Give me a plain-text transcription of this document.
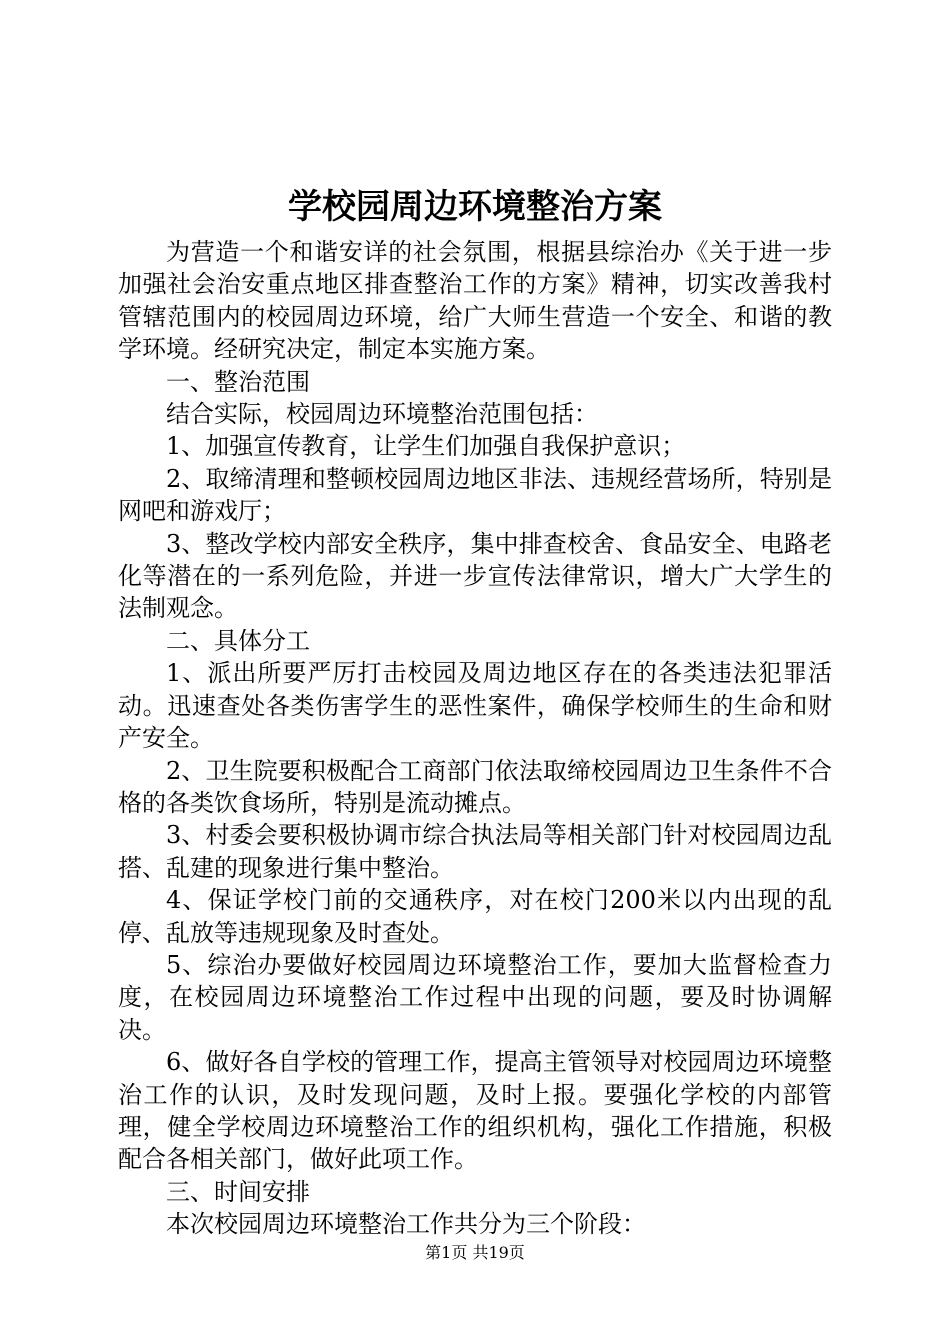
学校园周边环境整治方案

为营造一个和谐安详的社会氛围，根据县综治办《关于进一步加强社会治安重点地区排查整治工作的方案》精神，切实改善我村管辖范围内的校园周边环境，给广大师生营造一个安全、和谐的教学环境。经研究决定，制定本实施方案。

一、整治范围

结合实际，校园周边环境整治范围包括：

1、加强宣传教育，让学生们加强自我保护意识；

2、取缔清理和整顿校园周边地区非法、违规经营场所，特别是网吧和游戏厅；

3、整改学校内部安全秩序，集中排查校舍、食品安全、电路老化等潜在的一系列危险，并进一步宣传法律常识，增大广大学生的法制观念。

二、具体分工

1、派出所要严厉打击校园及周边地区存在的各类违法犯罪活动。迅速查处各类伤害学生的恶性案件，确保学校师生的生命和财产安全。

2、卫生院要积极配合工商部门依法取缔校园周边卫生条件不合格的各类饮食场所，特别是流动摊点。

3、村委会要积极协调市综合执法局等相关部门针对校园周边乱搭、乱建的现象进行集中整治。

4、保证学校门前的交通秩序，对在校门200米以内出现的乱停、乱放等违规现象及时查处。

5、综治办要做好校园周边环境整治工作，要加大监督检查力度，在校园周边环境整治工作过程中出现的问题，要及时协调解决。

6、做好各自学校的管理工作，提高主管领导对校园周边环境整治工作的认识，及时发现问题，及时上报。要强化学校的内部管理，健全学校周边环境整治工作的组织机构，强化工作措施，积极配合各相关部门，做好此项工作。

三、时间安排

本次校园周边环境整治工作共分为三个阶段：

第1页 共19页
